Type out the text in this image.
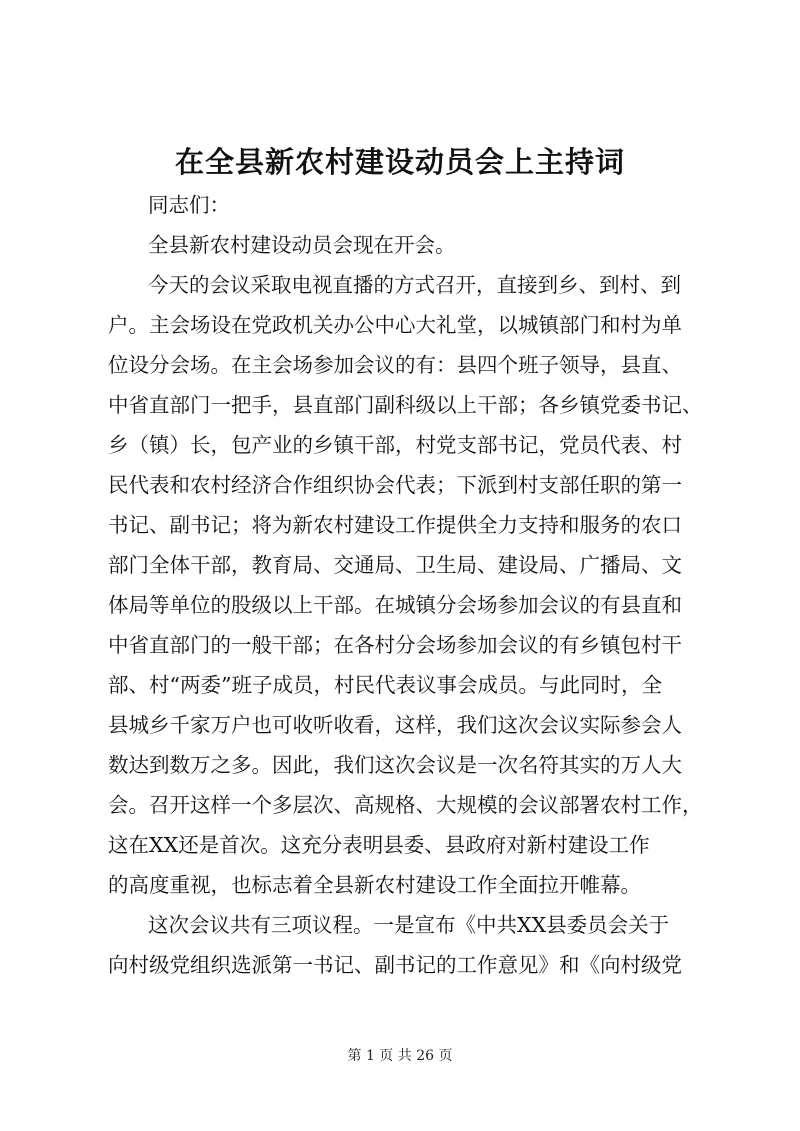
在全县新农村建设动员会上主持词
同志们：
全县新农村建设动员会现在开会。
今天的会议采取电视直播的方式召开，直接到乡、到村、到
户。主会场设在党政机关办公中心大礼堂，以城镇部门和村为单
位设分会场。在主会场参加会议的有：县四个班子领导，县直、
中省直部门一把手，县直部门副科级以上干部；各乡镇党委书记、
乡（镇）长，包产业的乡镇干部，村党支部书记，党员代表、村
民代表和农村经济合作组织协会代表；下派到村支部任职的第一
书记、副书记；将为新农村建设工作提供全力支持和服务的农口
部门全体干部，教育局、交通局、卫生局、建设局、广播局、文
体局等单位的股级以上干部。在城镇分会场参加会议的有县直和
中省直部门的一般干部；在各村分会场参加会议的有乡镇包村干
部、村“两委”班子成员，村民代表议事会成员。与此同时，全
县城乡千家万户也可收听收看，这样，我们这次会议实际参会人
数达到数万之多。因此，我们这次会议是一次名符其实的万人大
会。召开这样一个多层次、高规格、大规模的会议部署农村工作，
这在XX还是首次。这充分表明县委、县政府对新村建设工作
的高度重视，也标志着全县新农村建设工作全面拉开帷幕。
这次会议共有三项议程。一是宣布《中共XX县委员会关于
向村级党组织选派第一书记、副书记的工作意见》和《向村级党
第 1 页 共 26 页
